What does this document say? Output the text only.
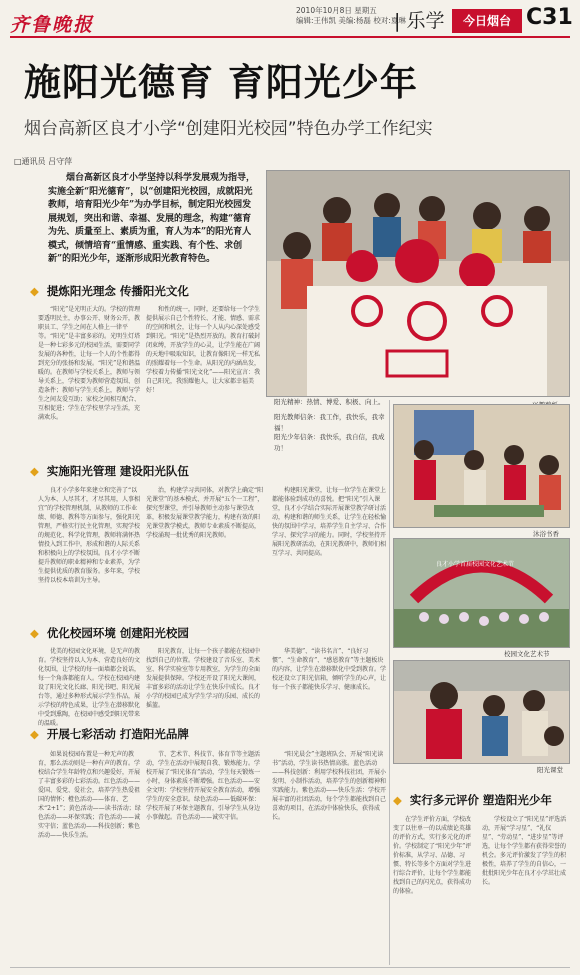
齐鲁晚报
2010年10月8日 星期五
编辑:王伟凯 美编:杨磊 校对:夏琳
| 乐学	今日烟台 C31
施阳光德育 育阳光少年
烟台高新区良才小学“创建阳光校园”特色办学工作纪实
□通讯员 吕守萍
烟台高新区良才小学坚持以科学发展观为指导，实施全新“阳光德育”，以“创建阳光校园，成就阳光教师，培育阳光少年”为办学目标，制定阳光校园发展规划，突出和谐、幸福、发展的理念，构建“德育为先、质量至上、素质为重，育人为本”的阳光育人模式，倾情培育“重情感、重实践、有个性、求创新”的阳光少年，逐渐形成阳光教育特色。
阳光精神：热情、博爱、积极、向上。
阳光教师信条：我工作，我快乐，我幸福！
阳光少年信条：我快乐，我自信，我成功！
沐浴书香
良才小学首届校园文化艺术节
校园文化艺术节
阳光课堂
◆ 提炼阳光理念 传播阳光文化
“阳光”是光明正大的。学校的管理要透明民主，办事公开、财务公开，教职员工、学生之间在人格上一律平等。“阳光”是丰富多彩的。光明生灯塔是一种七彩多元的校园生活，需要同学发展的各种性，让每一个人的个性都得到充分的张扬和发展。“阳光”是和谐温暖的。在教师与学校关系上，教师与领导关系上，学校要为教师营造氛围、创造条件；教师与学生关系上，教师与学生之间友爱互助；家校之间相互配合、互相促进；学生在学校里学习生活，充满欢乐。
和性的统一，同时，还要给每一个学生提供展示自己个性特长、才能、情感、需求的空间和机会，让每一个人从内心深处感受到阳光。“阳光”是热烈开放的。教育打破封闭束缚，开放学生的心灵，让学生能在广阔的天地中吸取知识，让教育像阳光一样无私的照耀着每一个生命。从阳光的内涵出发，学校着力传播“阳光文化”——阳光宣言：我自己阳光，我照耀他人，让大家都幸福美好！
◆ 实施阳光管理 建设阳光队伍
良才小学多年来建立和完善了“以人为本、人尽其才，才尽其用，人事相宜”的学校管理机制，从教师的工作业绩、师德、教科等方面参与，强化阳光管理，严格实行民主化管理，实现学校的规范化、科学化管理，教师将满怀热情投入到工作中，形成和谐的人际关系和积极向上的学校氛围。良才小学不断提升教师的职业精神和专业素养，为学生提供优质的教育服务。多年来，学校坚持以校本培训为主导。
治，构建学习共同体，对教学上确定“阳光课堂”的基本模式、并开展“五个一工程”，探究型课堂，并引导教师主动参与课堂改革，积极发展课堂教学能力，构建有效的阳光课堂教学模式，教师专业素质不断提高，学校涌现一批优秀的阳光教师。
构建阳光课堂，让每一位学生在课堂上都能体验到成功的喜悦。把“阳光”引入课堂，良才小学结合实际开展课堂教学研讨活动，构建和谐的师生关系，让学生在轻松愉快的氛围中学习，培养学生自主学习、合作学习、探究学习的能力。同时，学校坚持开展阳光教研活动，在阳光教研中，教师们相互学习、共同提高。
◆ 优化校园环境 创建阳光校园
优美的校园文化环境，是无声的教育。学校坚持以人为本、营造良好的文化氛围，让学校的每一面墙都会说话，每一个角落都能育人。学校在校园内建设了阳光文化长廊、阳光书吧、阳光展台等，通过多种形式展示学生作品，展示学校的特色成果，让学生在潜移默化中受到熏陶，在校园中感受到阳光带来的温暖。
阳光教育，让每一个孩子都能在校园中找到自己的位置。学校建设了音乐室、美术室、科学实验室等专用教室，为学生的全面发展提供保障。学校还开设了阳光大课间，丰富多彩的活动让学生在快乐中成长。良才小学的校园已成为学生学习的乐园、成长的摇篮。
华美德”、“读书名言”、“良好习惯”、“生命教育”、“感恩教育”等主题板块的内容，让学生在潜移默化中受到教育。学校还设立了阳光信箱，倾听学生的心声，让每一个孩子都能快乐学习、健康成长。
◆ 开展七彩活动 打造阳光品牌
如果说校园布置是一种无声的教育，那么活动则是一种有声的教育。学校结合学生年龄特点和兴趣爱好，开展了丰富多彩的七彩活动。红色活动——爱国、爱党、爱社会，培养学生热爱祖国的情怀；橙色活动——体育、艺术“2+1”；黄色活动——读书活动；绿色活动——环保实践；青色活动——诚实守信；蓝色活动——科技创新；紫色活动——快乐生活。
节、艺术节、科技节、体育节等主题活动，学生在活动中展现自我、锻炼能力。学校开展了“阳光体育”活动，学生每天锻炼一小时，身体素质不断增强。红色活动——安全文明：学校坚持开展安全教育活动，增强学生的安全意识。绿色活动——低碳环保：学校开展了环保主题教育，引导学生从身边小事做起。青色活动——诚实守信。
“阳光晨会”主题班队会、开展“阳光读书”活动，学生读书热情高涨。蓝色活动——科技创新：利用学校科技社团，开展小发明、小制作活动，培养学生的创新精神和实践能力。紫色活动——快乐生活：学校开展丰富的社团活动，每个学生都能找到自己喜欢的项目，在活动中体验快乐，获得成长。
◆ 实行多元评价 塑造阳光少年
在学生评价方面，学校改变了以往单一的以成绩论英雄的评价方式，实行多元化的评价。学校制定了“阳光少年”评价标准，从学习、品德、习惯、特长等多个方面对学生进行综合评价，让每个学生都能找到自己的闪光点，获得成功的体验。
学校设立了“阳光星”评选活动，开展“学习星”、“礼仪星”、“劳动星”、“进步星”等评选，让每个学生都有获得荣誉的机会。多元评价激发了学生的积极性，培养了学生的自信心，一批批阳光少年在良才小学茁壮成长。
